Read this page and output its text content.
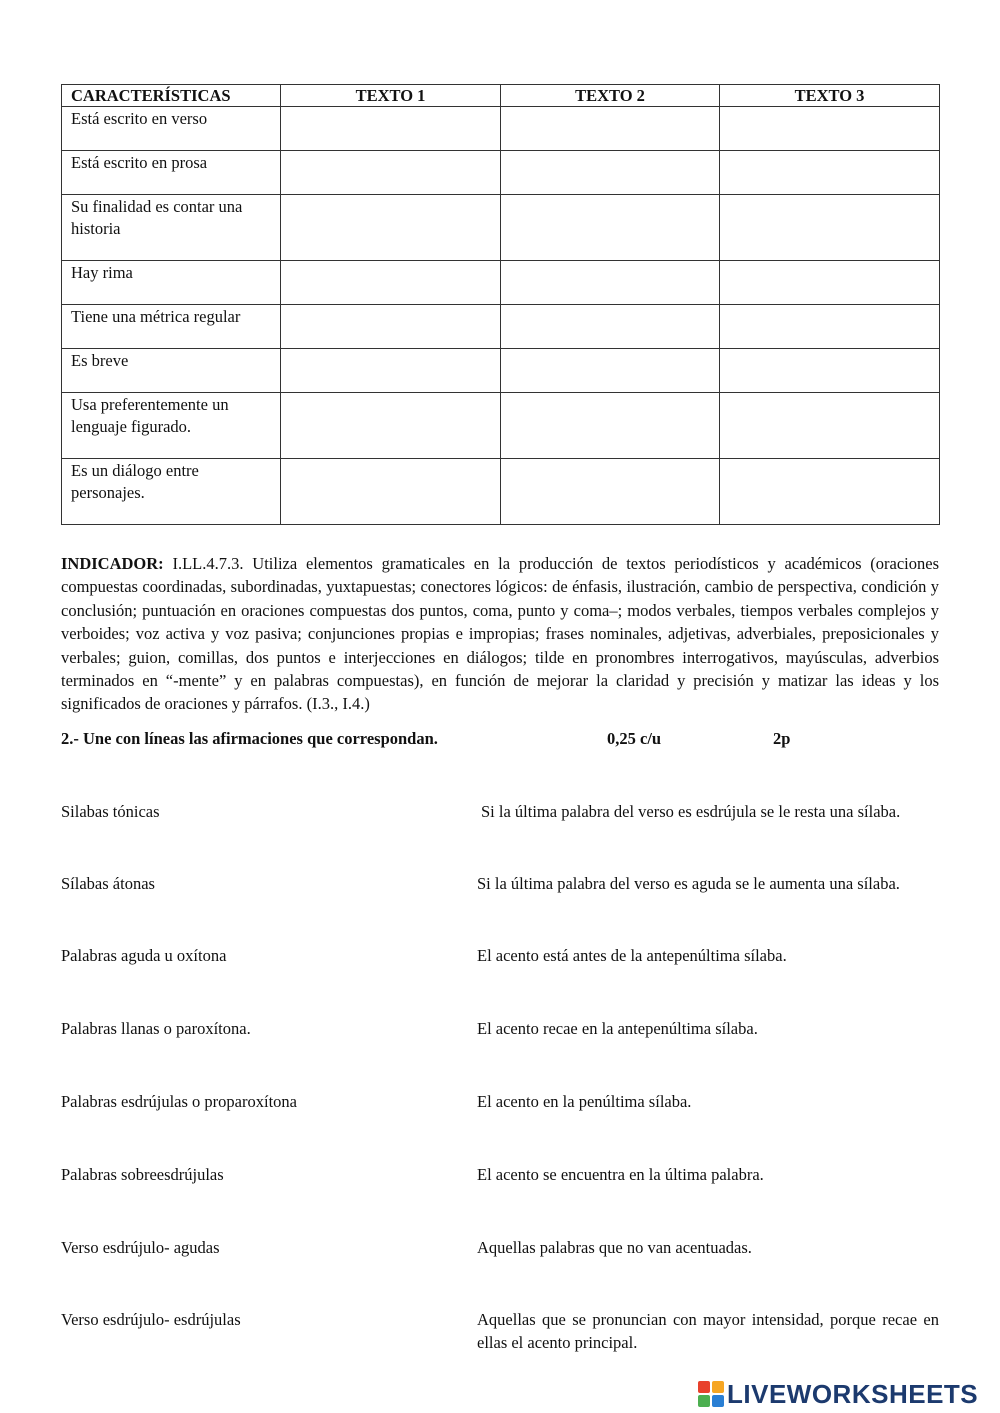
CARACTERÍSTICAS	TEXTO 1	TEXTO 2	TEXTO 3
Está escrito en verso			
Está escrito en prosa			
Su finalidad es contar una historia			
Hay rima			
Tiene una métrica regular			
Es breve			
Usa preferentemente un lenguaje figurado.			
Es un diálogo entre personajes.			

INDICADOR: I.LL.4.7.3. Utiliza elementos gramaticales en la producción de textos periodísticos y académicos (oraciones compuestas coordinadas, subordinadas, yuxtapuestas; conectores lógicos: de énfasis, ilustración, cambio de perspectiva, condición y conclusión; puntuación en oraciones compuestas dos puntos, coma, punto y coma–; modos verbales, tiempos verbales complejos y verboides; voz activa y voz pasiva; conjunciones propias e impropias; frases nominales, adjetivas, adverbiales, preposicionales y verbales; guion, comillas, dos puntos e interjecciones en diálogos; tilde en pronombres interrogativos, mayúsculas, adverbios terminados en “-mente” y en palabras compuestas), en función de mejorar la claridad y precisión y matizar las ideas y los significados de oraciones y párrafos. (I.3., I.4.)

2.- Une con líneas las afirmaciones que correspondan.	0,25 c/u	2p

Silabas tónicas

Sílabas átonas

Palabras aguda u oxítona

Palabras llanas o paroxítona.

Palabras esdrújulas o proparoxítona

Palabras sobreesdrújulas

Verso esdrújulo- agudas

Verso esdrújulo- esdrújulas

Si la última palabra del verso es esdrújula se le resta una sílaba.

Si la última palabra del verso es aguda se le aumenta una sílaba.

El acento está antes de la antepenúltima sílaba.

El acento recae en la antepenúltima sílaba.

El acento en la penúltima sílaba.

El acento se encuentra en la última palabra.

Aquellas palabras que no van acentuadas.

Aquellas que se pronuncian con mayor intensidad, porque recae en ellas el acento principal.

LIVEWORKSHEETS
